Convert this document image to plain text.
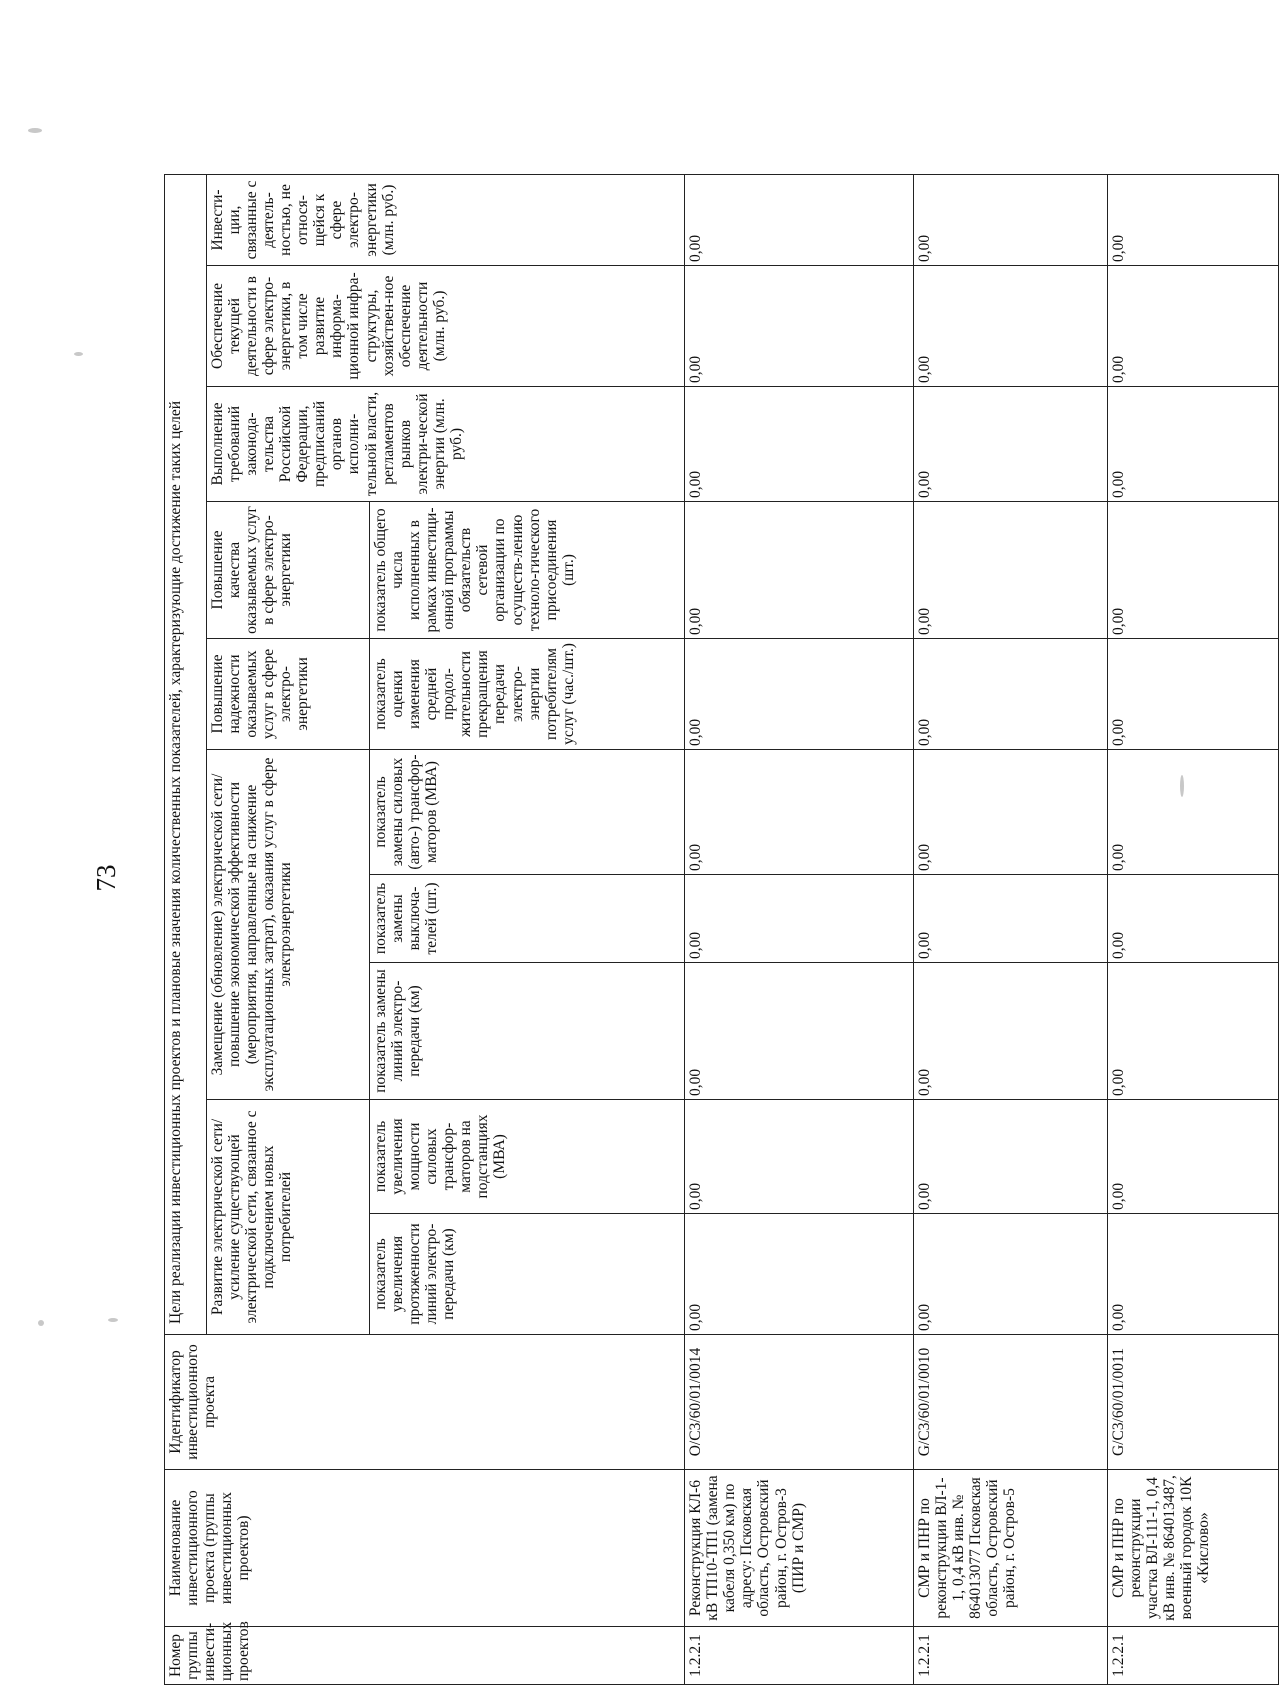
73
Номер группы инвести-ционных проектов	Наименование инвестиционного проекта (группы инвестиционных проектов)	Идентификатор инвестиционного проекта	Цели реализации инвестиционных проектов и плановые значения количественных показателей, характеризующие достижение таких целей									
			Развитие электрической сети/усиление существующей электрической сети, связанное с подключением новых потребителей		Замещение (обновление) электрической сети/повышение экономической эффективности (мероприятия, направленные на снижение эксплуатационных затрат), оказания услуг в сфере электроэнергетики			Повышение надежности оказываемых услуг в сфере электро-энергетики	Повышение качества оказываемых услуг в сфере электро-энергетики	Выполнение требований законода-тельства Российской Федерации, предписаний органов исполни-тельной власти, регламентов рынков электри-ческой энергии (млн. руб.)	Обеспечение текущей деятельности в сфере электро-энергетики, в том числе развитие информа-ционной инфра-структуры, хозяйствен-ное обеспечение деятельности (млн. руб.)	Инвести-ции, связанные с деятель-ностью, не относя-щейся к сфере электро-энергетики (млн. руб.)
			показатель увеличения протяженности линий электро-передачи (км)	показатель увеличения мощности силовых трансфор-маторов на подстанциях (МВА)	показатель замены линий электро-передачи (км)	показатель замены выключа-телей (шт.)	показатель замены силовых (авто-) трансфор-маторов (МВА)	показатель оценки изменения средней продол-жительности прекращения передачи электро-энергии потребителям услуг (час./шт.)	показатель общего числа исполненных в рамках инвестици-онной программы обязательств сетевой организации по осуществ-лению техноло-гического присоединения (шт.)			
1.2.2.1	Реконструкция КЛ-6 кВ ТП10-ТП1 (замена кабеля 0,350 км) по адресу: Псковская область, Островский район, г. Остров-3 (ПИР и СМР)	O/C3/60/01/0014	0,00	0,00	0,00	0,00	0,00	0,00	0,00	0,00	0,00	0,00
1.2.2.1	СМР и ПНР по реконструкции ВЛ-1-1, 0,4 кВ инв. № 864013077 Псковская область, Островский район, г. Остров-5	G/C3/60/01/0010	0,00	0,00	0,00	0,00	0,00	0,00	0,00	0,00	0,00	0,00
1.2.2.1	СМР и ПНР по реконструкции участка ВЛ-111-1, 0,4 кВ инв. № 864013487, военный городок 10К «Кислово»	G/C3/60/01/0011	0,00	0,00	0,00	0,00	0,00	0,00	0,00	0,00	0,00	0,00
